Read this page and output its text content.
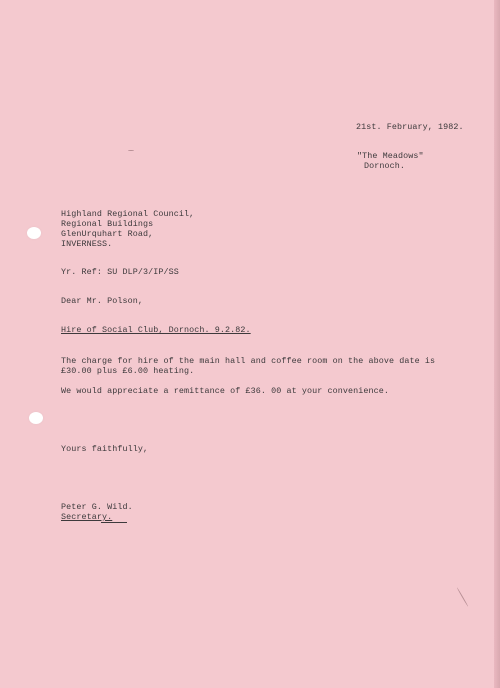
21st. February, 1982.
"The Meadows"
Dornoch.
Highland Regional Council,
Regional Buildings
GlenUrquhart Road,
INVERNESS.
Yr. Ref: SU DLP/3/IP/SS
Dear Mr. Polson,
Hire of Social Club, Dornoch. 9.2.82.
The charge for hire of the main hall and coffee room on the above date is
£30.00 plus £6.00 heating.
We would appreciate a remittance of £36. 00 at your convenience.
Yours faithfully,
Peter G. Wild.
Secretary.
